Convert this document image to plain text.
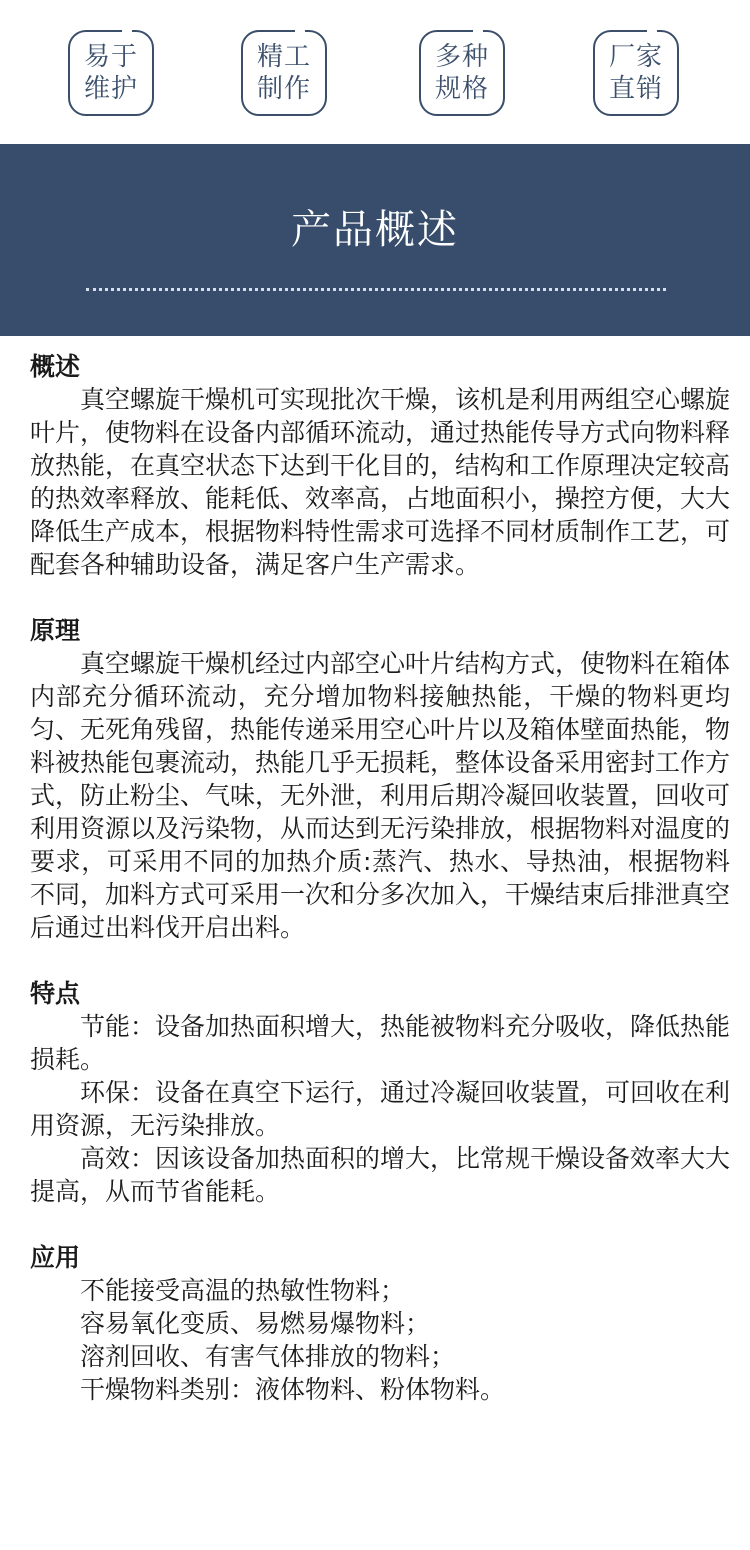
易于
维护
精工
制作
多种
规格
厂家
直销
产品概述
概述

真空螺旋干燥机可实现批次干燥，该机是利用两组空心螺旋叶片，使物料在设备内部循环流动，通过热能传导方式向物料释放热能，在真空状态下达到干化目的，结构和工作原理决定较高的热效率释放、能耗低、效率高，占地面积小，操控方便，大大降低生产成本，根据物料特性需求可选择不同材质制作工艺，可配套各种辅助设备，满足客户生产需求。

原理

真空螺旋干燥机经过内部空心叶片结构方式，使物料在箱体内部充分循环流动，充分增加物料接触热能，干燥的物料更均匀、无死角残留，热能传递采用空心叶片以及箱体壁面热能，物料被热能包裹流动，热能几乎无损耗，整体设备采用密封工作方式，防止粉尘、气味，无外泄，利用后期冷凝回收装置，回收可利用资源以及污染物，从而达到无污染排放，根据物料对温度的要求，可采用不同的加热介质:蒸汽、热水、导热油，根据物料不同，加料方式可采用一次和分多次加入，干燥结束后排泄真空后通过出料伐开启出料。

特点

节能：设备加热面积增大，热能被物料充分吸收，降低热能损耗。

环保：设备在真空下运行，通过冷凝回收装置，可回收在利用资源，无污染排放。

高效：因该设备加热面积的增大，比常规干燥设备效率大大提高，从而节省能耗。

应用

不能接受高温的热敏性物料；

容易氧化变质、易燃易爆物料；

溶剂回收、有害气体排放的物料；

干燥物料类别：液体物料、粉体物料。
